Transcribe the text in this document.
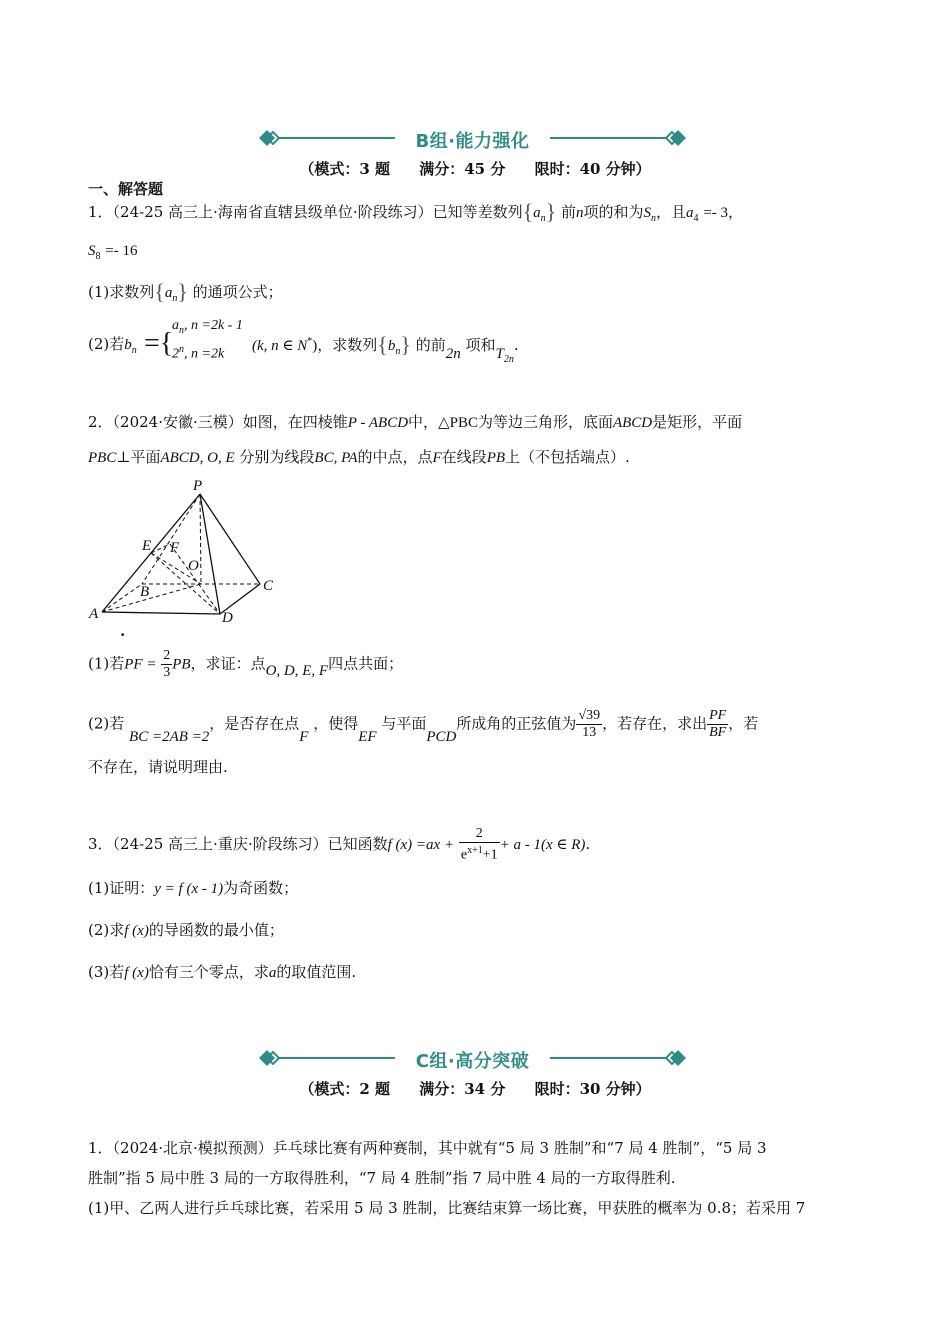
B组·能力强化
（模式：3 题 满分：45 分 限时：40 分钟）
一、解答题
1．（24-25 高三上·海南省直辖县级单位·阶段练习）已知等差数列$\{a_n\}$ 前n项的和为$S_n$，且$a_4 =- 3$，
$S_8 =- 16$
(1)求数列$\{a_n\}$ 的通项公式；
(2)若$b_n$ ={
$a_n$, n =2k - 1
2$^n$, n =2k
(k, n ∈ N*)，求数列$\{b_n\}$ 的前2n 项和$T_{2n}$.
2．（2024·安徽·三模）如图，在四棱锥P - ABCD中，△PBC为等边三角形，底面ABCD是矩形，平面
PBC⊥平面ABCD, O, E 分别为线段BC, PA的中点，点F在线段PB上（不包括端点）.
P
E F
O
C
B
A	D
.
(1)若PF = $\frac{2}{3}$ PB，求证：点O, D, E, F四点共面；
(2)若 BC =2AB =2，是否存在点F ，使得EF 与平面PCD所成角的正弦值为 $\frac{√39}{13}$ ，若存在，求出 $\frac{PF}{BF}$ ，若
不存在，请说明理由.
3．（24-25 高三上·重庆·阶段练习）已知函数f $(x) =ax + \frac{2}{e^{x+1}+1} + a - 1(x$ ∈ R).
(1)证明：y = f (x - 1)为奇函数；
(2)求f (x)的导函数的最小值；
(3)若f (x)恰有三个零点，求a的取值范围.
C组·高分突破
（模式：2 题 满分：34 分 限时：30 分钟）
1．（2024·北京·模拟预测）乒乓球比赛有两种赛制，其中就有“5 局 3 胜制”和“7 局 4 胜制”，“5 局 3
胜制”指 5 局中胜 3 局的一方取得胜利，“7 局 4 胜制”指 7 局中胜 4 局的一方取得胜利.
(1)甲、乙两人进行乒乓球比赛，若采用 5 局 3 胜制，比赛结束算一场比赛，甲获胜的概率为 0.8；若采用 7
